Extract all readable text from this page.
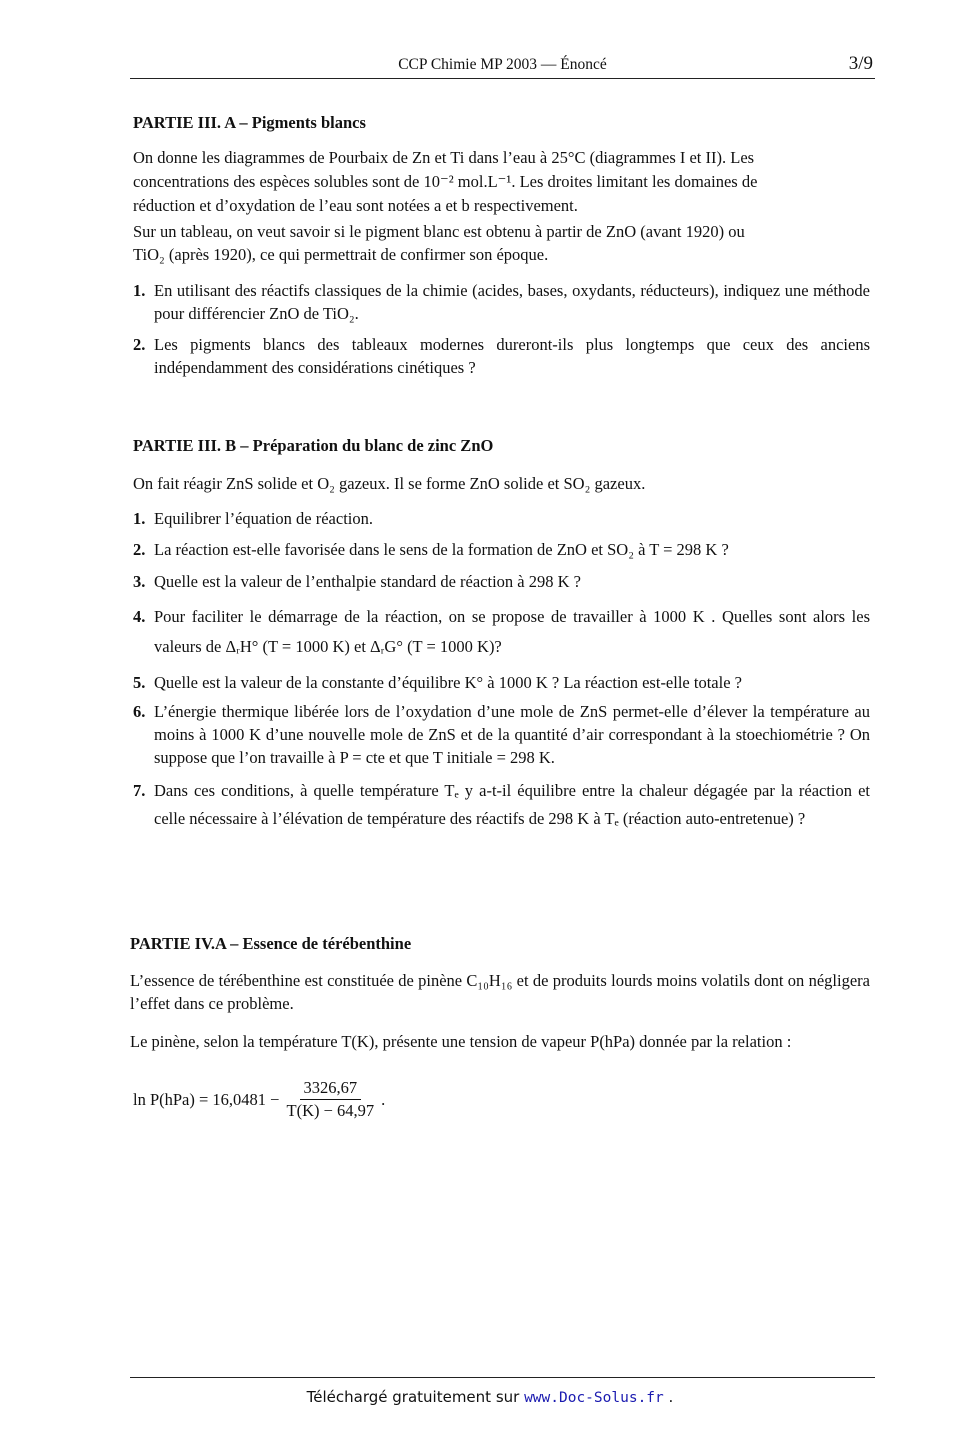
CCP Chimie MP 2003 — Énoncé	3/9
PARTIE III. A – Pigments blancs
On donne les diagrammes de Pourbaix de Zn et Ti dans l’eau à 25°C (diagrammes I et II). Les
concentrations des espèces solubles sont de 10⁻² mol.L⁻¹. Les droites limitant les domaines de
réduction et d’oxydation de l’eau sont notées a et b respectivement.
Sur un tableau, on veut savoir si le pigment blanc est obtenu à partir de ZnO (avant 1920) ou
TiO₂ (après 1920), ce qui permettrait de confirmer son époque.
1. En utilisant des réactifs classiques de la chimie (acides, bases, oxydants, réducteurs), indiquez une méthode pour différencier ZnO de TiO₂.
2. Les pigments blancs des tableaux modernes dureront-ils plus longtemps que ceux des anciens indépendamment des considérations cinétiques ?
PARTIE III. B – Préparation du blanc de zinc ZnO
On fait réagir ZnS solide et O₂ gazeux. Il se forme ZnO solide et SO₂ gazeux.
1. Equilibrer l’équation de réaction.
2. La réaction est-elle favorisée dans le sens de la formation de ZnO et SO₂ à T = 298 K ?
3. Quelle est la valeur de l’enthalpie standard de réaction à 298 K ?
4. Pour faciliter le démarrage de la réaction, on se propose de travailler à 1000 K . Quelles sont alors les valeurs de ΔᵣH° (T = 1000 K) et ΔᵣG° (T = 1000 K)?
5. Quelle est la valeur de la constante d’équilibre K° à 1000 K ? La réaction est-elle totale ?
6. L’énergie thermique libérée lors de l’oxydation d’une mole de ZnS permet-elle d’élever la température au moins à 1000 K d’une nouvelle mole de ZnS et de la quantité d’air correspondant à la stoechiométrie ? On suppose que l’on travaille à P = cte et que T initiale = 298 K.
7. Dans ces conditions, à quelle température Tₑ y a-t-il équilibre entre la chaleur dégagée par la réaction et celle nécessaire à l’élévation de température des réactifs de 298 K à Tₑ (réaction auto-entretenue) ?
PARTIE IV.A – Essence de térébenthine
L’essence de térébenthine est constituée de pinène C₁₀H₁₆ et de produits lourds moins volatils dont on négligera l’effet dans ce problème.
Le pinène, selon la température T(K), présente une tension de vapeur P(hPa) donnée par la relation :
$\ln P(hPa) = 16,0481 - \frac{3326,67}{T(K) - 64,97}$ .
Téléchargé gratuitement sur www.Doc-Solus.fr .
